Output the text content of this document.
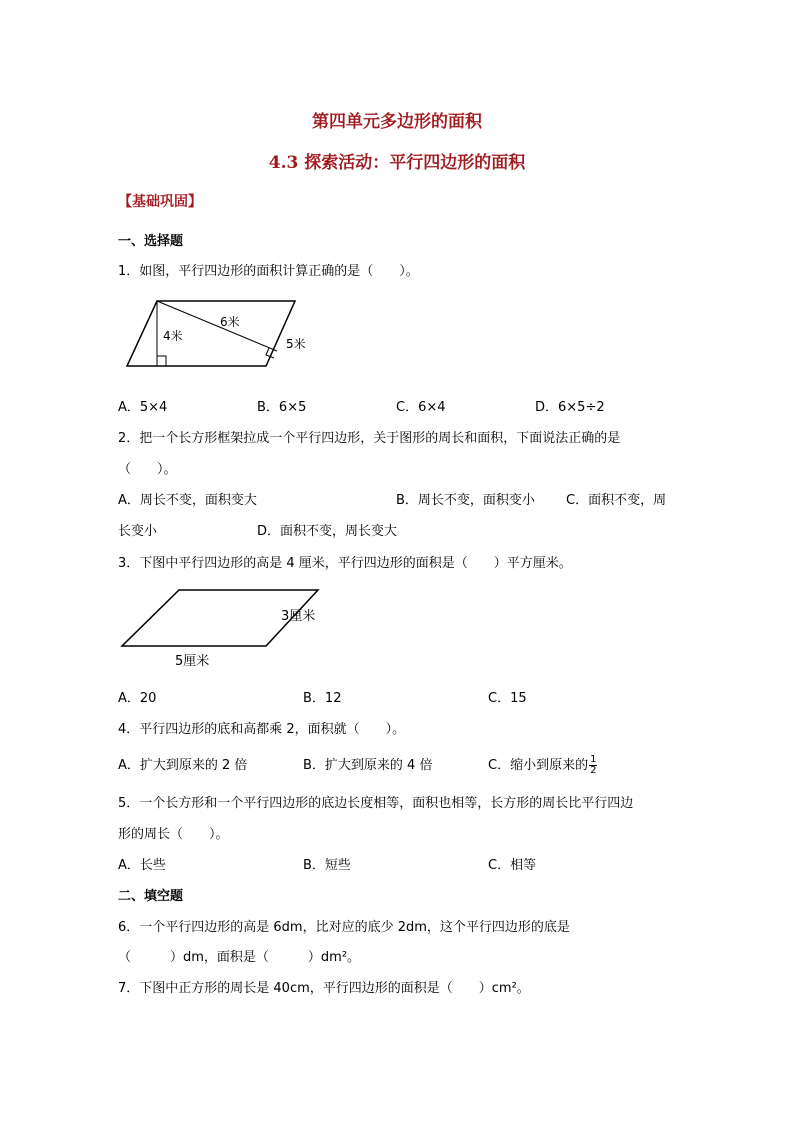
第四单元多边形的面积
4.3 探索活动：平行四边形的面积
【基础巩固】
一、选择题
1．如图，平行四边形的面积计算正确的是（　　）。
6米
4米
5米
A．5×4	B．6×5	C．6×4	D．6×5÷2
2．把一个长方形框架拉成一个平行四边形，关于图形的周长和面积，下面说法正确的是
（　　）。
A．周长不变，面积变大	B．周长不变，面积变小 C．面积不变，周
长变小	D．面积不变，周长变大
3．下图中平行四边形的高是 4 厘米，平行四边形的面积是（　　）平方厘米。
3厘米
5厘米
A．20	B．12	C．15
4．平行四边形的底和高都乘 2，面积就（　　）。
A．扩大到原来的 2 倍	B．扩大到原来的 4 倍	C．缩小到原来的 $\frac{1}{2}$
5．一个长方形和一个平行四边形的底边长度相等，面积也相等，长方形的周长比平行四边
形的周长（　　）。
A．长些	B．短些	C．相等
二、填空题
6．一个平行四边形的高是 6dm，比对应的底少 2dm，这个平行四边形的底是
（　　　）dm，面积是（　　　）dm²。
7．下图中正方形的周长是 40cm，平行四边形的面积是（　　）cm²。
